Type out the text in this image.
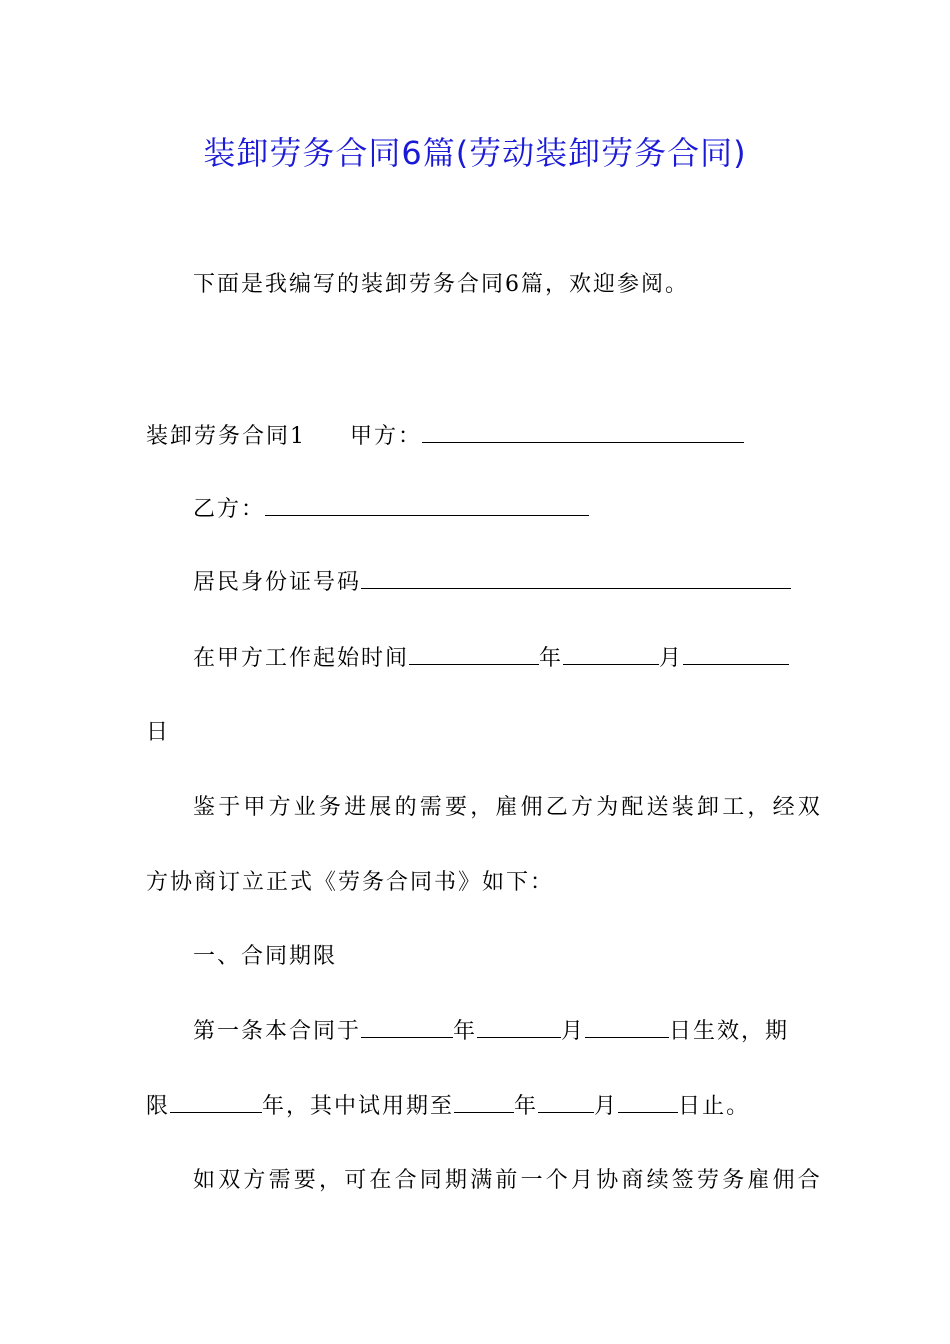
装卸劳务合同6篇(劳动装卸劳务合同)
下面是我编写的装卸劳务合同6篇，欢迎参阅。
装卸劳务合同1 甲方：
乙方：
居民身份证号码
在甲方工作起始时间	年	月
日
鉴于甲方业务进展的需要，雇佣乙方为配送装卸工，经双
方协商订立正式《劳务合同书》如下：
一、合同期限
第一条本合同于	年	月	日生效，期
限	年，其中试用期至	年	月	日止。
如双方需要，可在合同期满前一个月协商续签劳务雇佣合
